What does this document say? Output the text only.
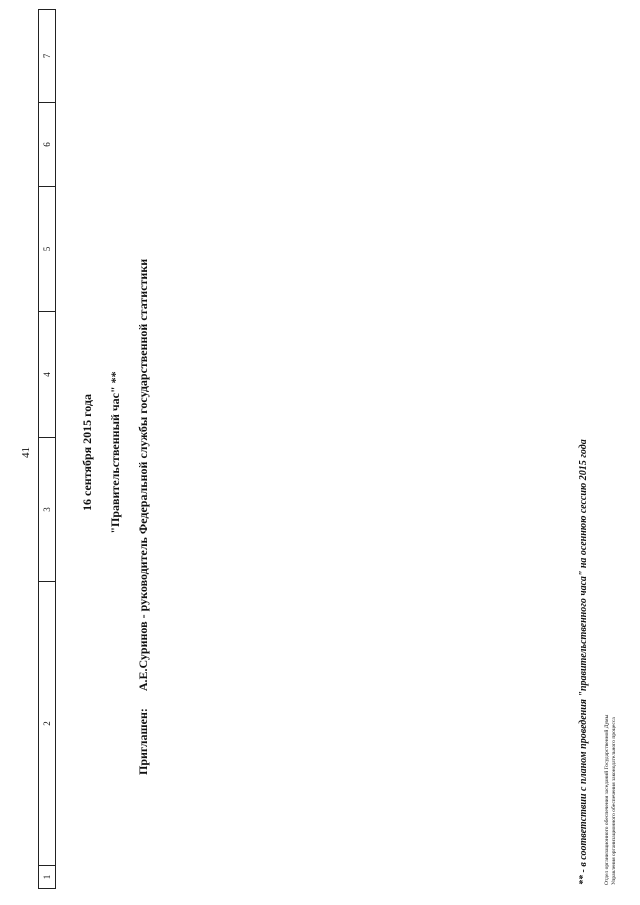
41
1
2
3
4
5
6
7
16 сентября 2015 года "Правительственный час" **
Приглашен: А.Е.Суринов - руководитель Федеральной службы государственной статистики	** - в соответствии с планом проведения "правительственного часа" на осеннюю сессию 2015 года	Отдел организационного обеспечения заседаний Государственной Думы Управления организационного обеспечения законодательного процесса
